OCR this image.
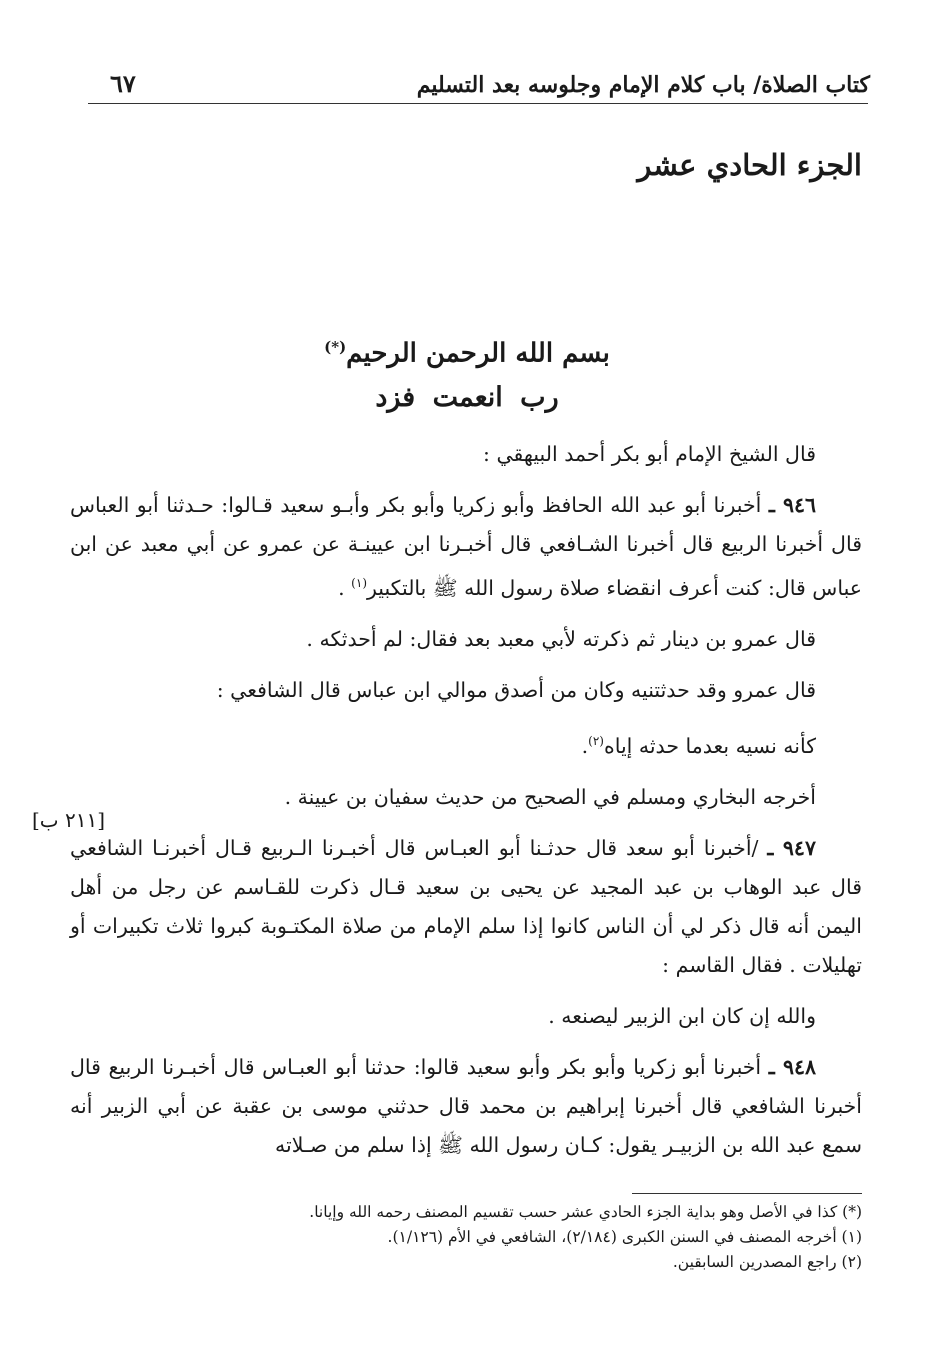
٦٧	كتاب الصلاة/ باب كلام الإمام وجلوسه بعد التسليم
الجزء الحادي عشر
بسم الله الرحمن الرحيم(*)
رب انعمت فزد
[٢١١ ب]

قال الشيخ الإمام أبو بكر أحمد البيهقي :

٩٤٦ ـ أخبرنا أبو عبد الله الحافظ وأبو زكريا وأبو بكر وأبـو سعيد قـالوا: حـدثنا أبو العباس قال أخبرنا الربيع قال أخبرنا الشـافعي قال أخبـرنا ابن عيينـة عن عمرو عن أبي معبد عن ابن عباس قال: كنت أعرف انقضاء صلاة رسول الله ﷺ بالتكبير$^{(١)}$ .

قال عمرو بن دينار ثم ذكرته لأبي معبد بعد فقال: لم أحدثكه .

قال عمرو وقد حدثتنيه وكان من أصدق موالي ابن عباس قال الشافعي :

كأنه نسيه بعدما حدثه إياه$^{(٢)}$.

أخرجه البخاري ومسلم في الصحيح من حديث سفيان بن عيينة .

٩٤٧ ـ /أخبرنا أبو سعد قال حدثـنا أبو العبـاس قال أخبـرنا الـربيع قـال أخبرنـا الشافعي قال عبد الوهاب بن عبد المجيد عن يحيى بن سعيد قـال ذكرت للقـاسم عن رجل من أهل اليمن أنه قال ذكر لي أن الناس كانوا إذا سلم الإمام من صلاة المكتـوبة كبروا ثلاث تكبيرات أو تهليلات . فقال القاسم :

والله إن كان ابن الزبير ليصنعه .

٩٤٨ ـ أخبرنا أبو زكريا وأبو بكر وأبو سعيد قالوا: حدثنا أبو العبـاس قال أخبـرنا الربيع قال أخبرنا الشافعي قال أخبرنا إبراهيم بن محمد قال حدثني موسى بن عقبة عن أبي الزبير أنه سمع عبد الله بن الزبيـر يقول: كـان رسول الله ﷺ إذا سلم من صـلاته

(*) كذا في الأصل وهو بداية الجزء الحادي عشر حسب تقسيم المصنف رحمه الله وإيانا.

(١) أخرجه المصنف في السنن الكبرى (٢/١٨٤)، الشافعي في الأم (١/١٢٦).

(٢) راجع المصدرين السابقين.
